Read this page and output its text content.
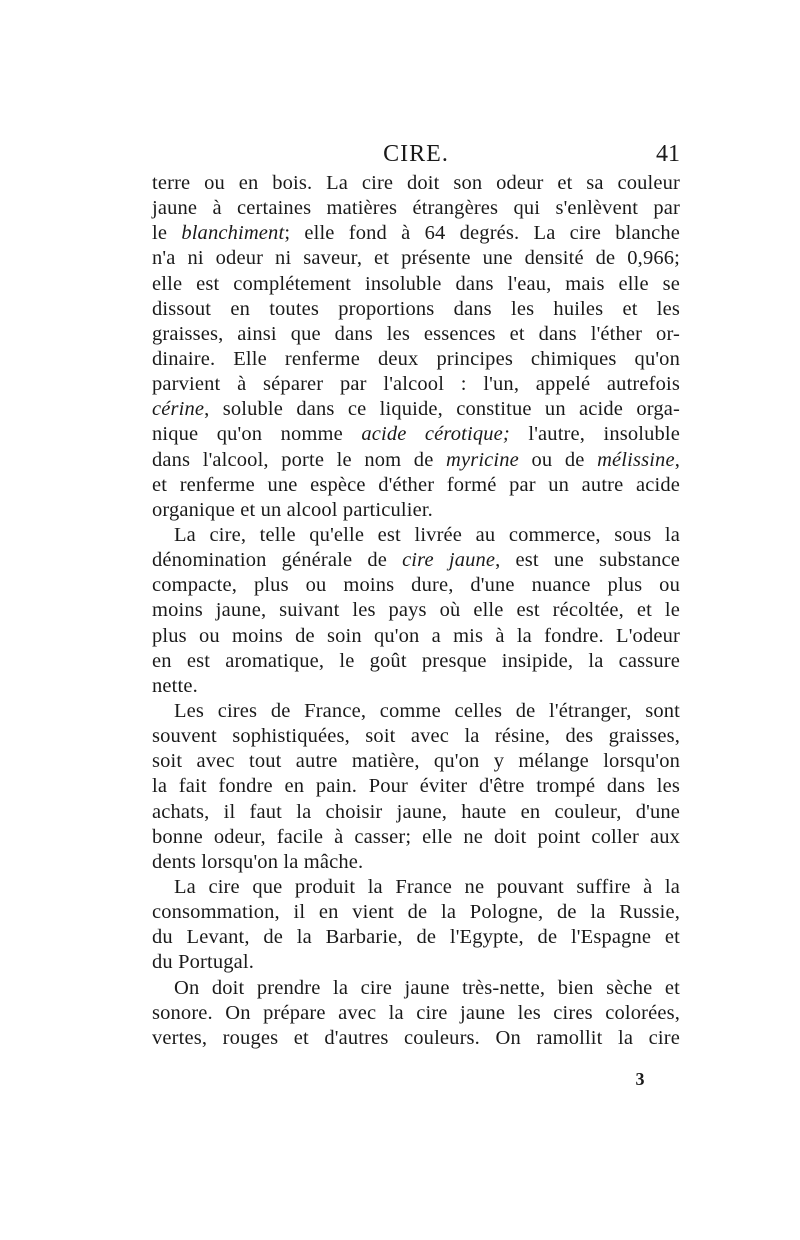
CIRE.	41
terre ou en bois. La cire doit son odeur et sa couleur
jaune à certaines matières étrangères qui s'enlèvent par
le blanchiment; elle fond à 64 degrés. La cire blanche
n'a ni odeur ni saveur, et présente une densité de 0,966;
elle est complétement insoluble dans l'eau, mais elle se
dissout en toutes proportions dans les huiles et les
graisses, ainsi que dans les essences et dans l'éther or-
dinaire. Elle renferme deux principes chimiques qu'on
parvient à séparer par l'alcool : l'un, appelé autrefois
cérine, soluble dans ce liquide, constitue un acide orga-
nique qu'on nomme acide cérotique; l'autre, insoluble
dans l'alcool, porte le nom de myricine ou de mélissine,
et renferme une espèce d'éther formé par un autre acide
organique et un alcool particulier.
La cire, telle qu'elle est livrée au commerce, sous la
dénomination générale de cire jaune, est une substance
compacte, plus ou moins dure, d'une nuance plus ou
moins jaune, suivant les pays où elle est récoltée, et le
plus ou moins de soin qu'on a mis à la fondre. L'odeur
en est aromatique, le goût presque insipide, la cassure
nette.
Les cires de France, comme celles de l'étranger, sont
souvent sophistiquées, soit avec la résine, des graisses,
soit avec tout autre matière, qu'on y mélange lorsqu'on
la fait fondre en pain. Pour éviter d'être trompé dans les
achats, il faut la choisir jaune, haute en couleur, d'une
bonne odeur, facile à casser; elle ne doit point coller aux
dents lorsqu'on la mâche.
La cire que produit la France ne pouvant suffire à la
consommation, il en vient de la Pologne, de la Russie,
du Levant, de la Barbarie, de l'Egypte, de l'Espagne et
du Portugal.
On doit prendre la cire jaune très-nette, bien sèche et
sonore. On prépare avec la cire jaune les cires colorées,
vertes, rouges et d'autres couleurs. On ramollit la cire
3
